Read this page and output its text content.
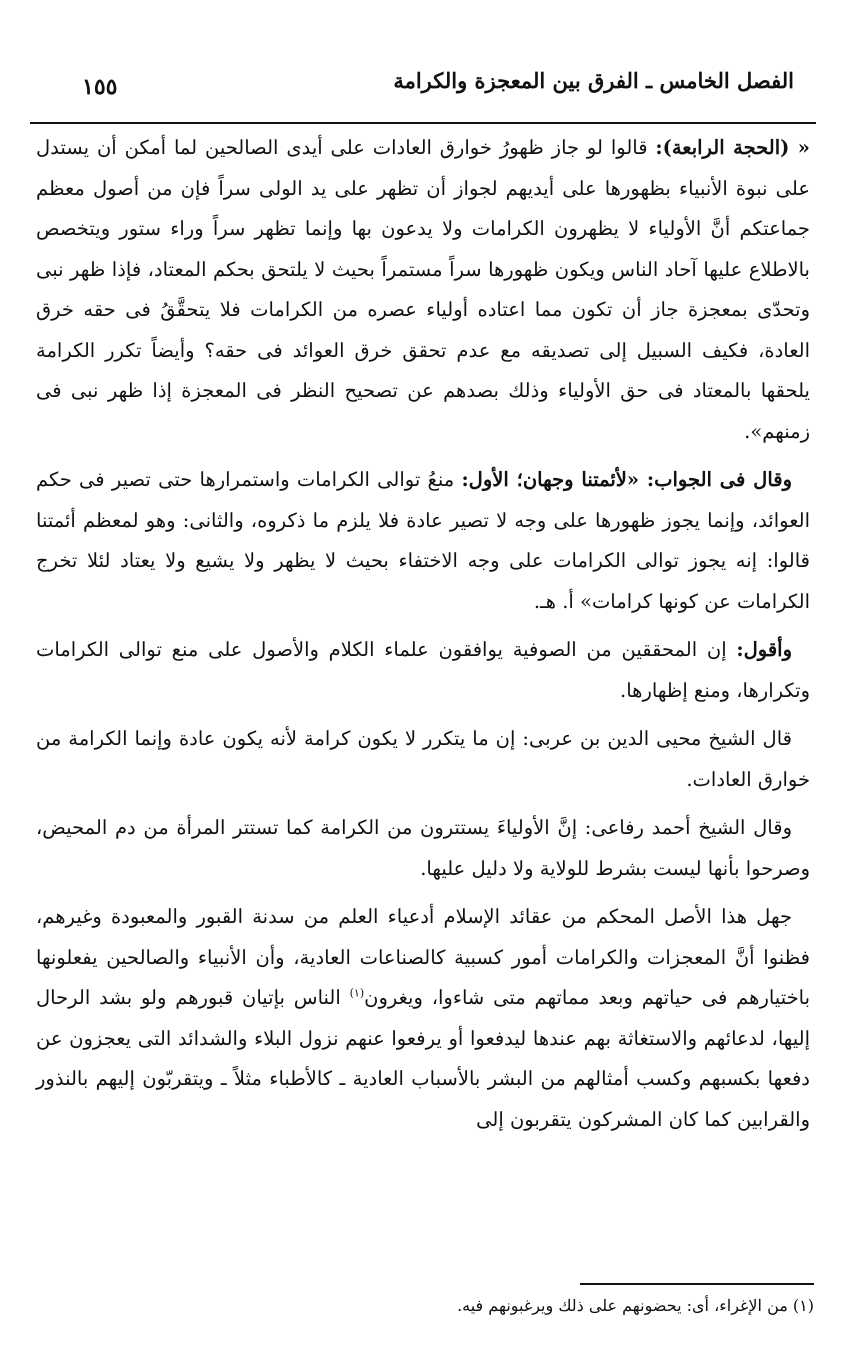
الفصل الخامس ـ الفرق بين المعجزة والكرامة
١٥٥

« (الحجة الرابعة): قالوا لو جاز ظهورُ خوارق العادات على أيدى الصالحين لما أمكن أن يستدل على نبوة الأنبياء بظهورها على أيديهم لجواز أن تظهر على يد الولى سراً فإن من أصول معظم جماعتكم أنَّ الأولياء لا يظهرون الكرامات ولا يدعون بها وإنما تظهر سراً وراء ستور ويتخصص بالاطلاع عليها آحاد الناس ويكون ظهورها سراً مستمراً بحيث لا يلتحق بحكم المعتاد، فإذا ظهر نبى وتحدّى بمعجزة جاز أن تكون مما اعتاده أولياء عصره من الكرامات فلا يتحقَّقُ فى حقه خرق العادة، فكيف السبيل إلى تصديقه مع عدم تحقق خرق العوائد فى حقه؟ وأيضاً تكرر الكرامة يلحقها بالمعتاد فى حق الأولياء وذلك بصدهم عن تصحيح النظر فى المعجزة إذا ظهر نبى فى زمنهم».

وقال فى الجواب: «لأئمتنا وجهان؛ الأول: منعُ توالى الكرامات واستمرارها حتى تصير فى حكم العوائد، وإنما يجوز ظهورها على وجه لا تصير عادة فلا يلزم ما ذكروه، والثانى: وهو لمعظم أئمتنا قالوا: إنه يجوز توالى الكرامات على وجه الاختفاء بحيث لا يظهر ولا يشيع ولا يعتاد لئلا تخرج الكرامات عن كونها كرامات» أ. هـ.

وأقول: إن المحققين من الصوفية يوافقون علماء الكلام والأصول على منع توالى الكرامات وتكرارها، ومنع إظهارها.

قال الشيخ محيى الدين بن عربى: إن ما يتكرر لا يكون كرامة لأنه يكون عادة وإنما الكرامة من خوارق العادات.

وقال الشيخ أحمد رفاعى: إنَّ الأولياءَ يستترون من الكرامة كما تستتر المرأة من دم المحيض، وصرحوا بأنها ليست بشرط للولاية ولا دليل عليها.

جهل هذا الأصل المحكم من عقائد الإسلام أدعياء العلم من سدنة القبور والمعبودة وغيرهم، فظنوا أنَّ المعجزات والكرامات أمور كسبية كالصناعات العادية، وأن الأنبياء والصالحين يفعلونها باختيارهم فى حياتهم وبعد مماتهم متى شاءوا، ويغرون$^{(١)}$ الناس بإتيان قبورهم ولو بشد الرحال إليها، لدعائهم والاستغاثة بهم عندها ليدفعوا أو يرفعوا عنهم نزول البلاء والشدائد التى يعجزون عن دفعها بكسبهم وكسب أمثالهم من البشر بالأسباب العادية ـ كالأطباء مثلاً ـ ويتقربّون إليهم بالنذور والقرابين كما كان المشركون يتقربون إلى

(١) من الإغراء، أى: يحضونهم على ذلك ويرغبونهم فيه.
